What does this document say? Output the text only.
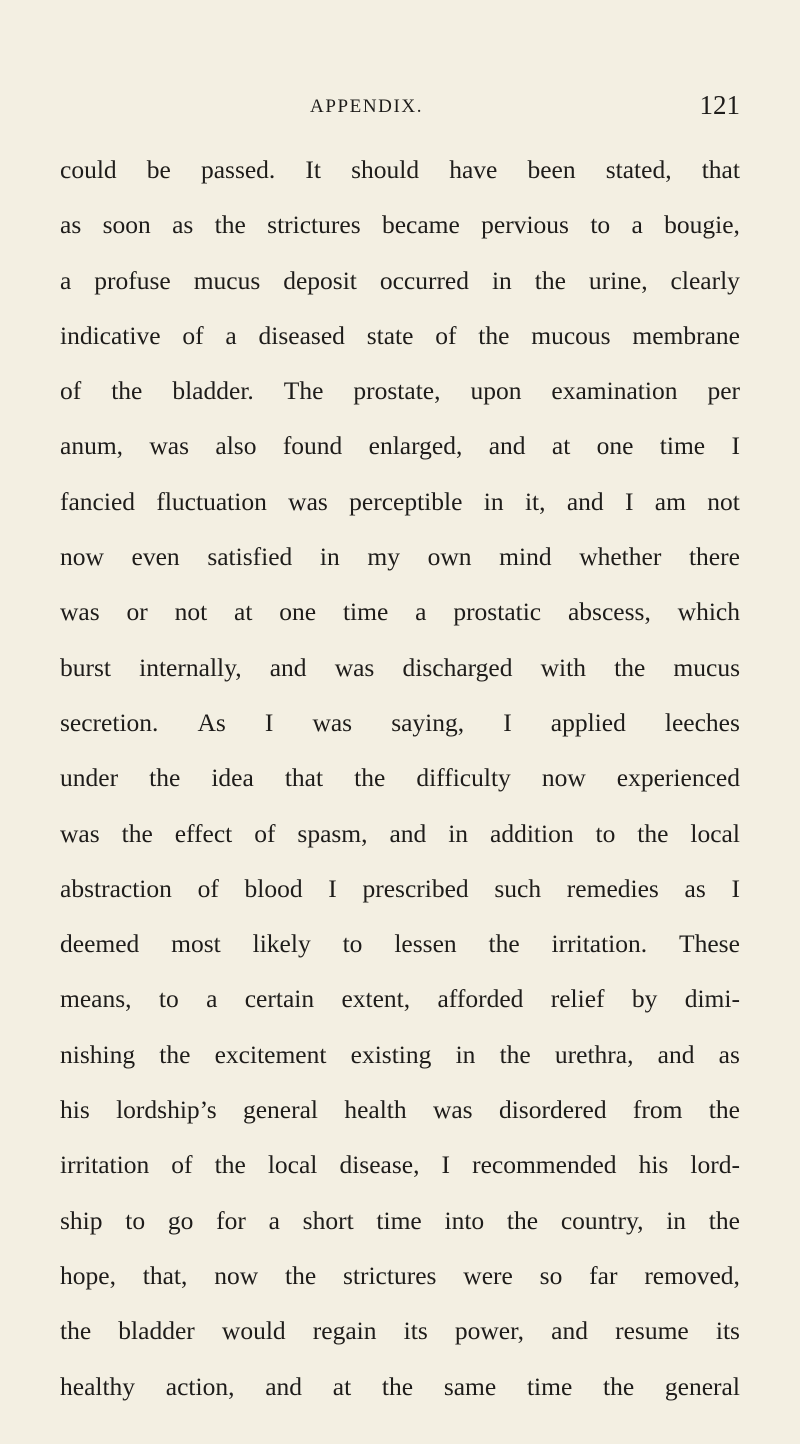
APPENDIX.	121
could be passed. It should have been stated, that
as soon as the strictures became pervious to a bougie,
a profuse mucus deposit occurred in the urine, clearly
indicative of a diseased state of the mucous membrane
of the bladder. The prostate, upon examination per
anum, was also found enlarged, and at one time I
fancied fluctuation was perceptible in it, and I am not
now even satisfied in my own mind whether there
was or not at one time a prostatic abscess, which
burst internally, and was discharged with the mucus
secretion. As I was saying, I applied leeches
under the idea that the difficulty now experienced
was the effect of spasm, and in addition to the local
abstraction of blood I prescribed such remedies as I
deemed most likely to lessen the irritation. These
means, to a certain extent, afforded relief by dimi-
nishing the excitement existing in the urethra, and as
his lordship’s general health was disordered from the
irritation of the local disease, I recommended his lord-
ship to go for a short time into the country, in the
hope, that, now the strictures were so far removed,
the bladder would regain its power, and resume its
healthy action, and at the same time the general
